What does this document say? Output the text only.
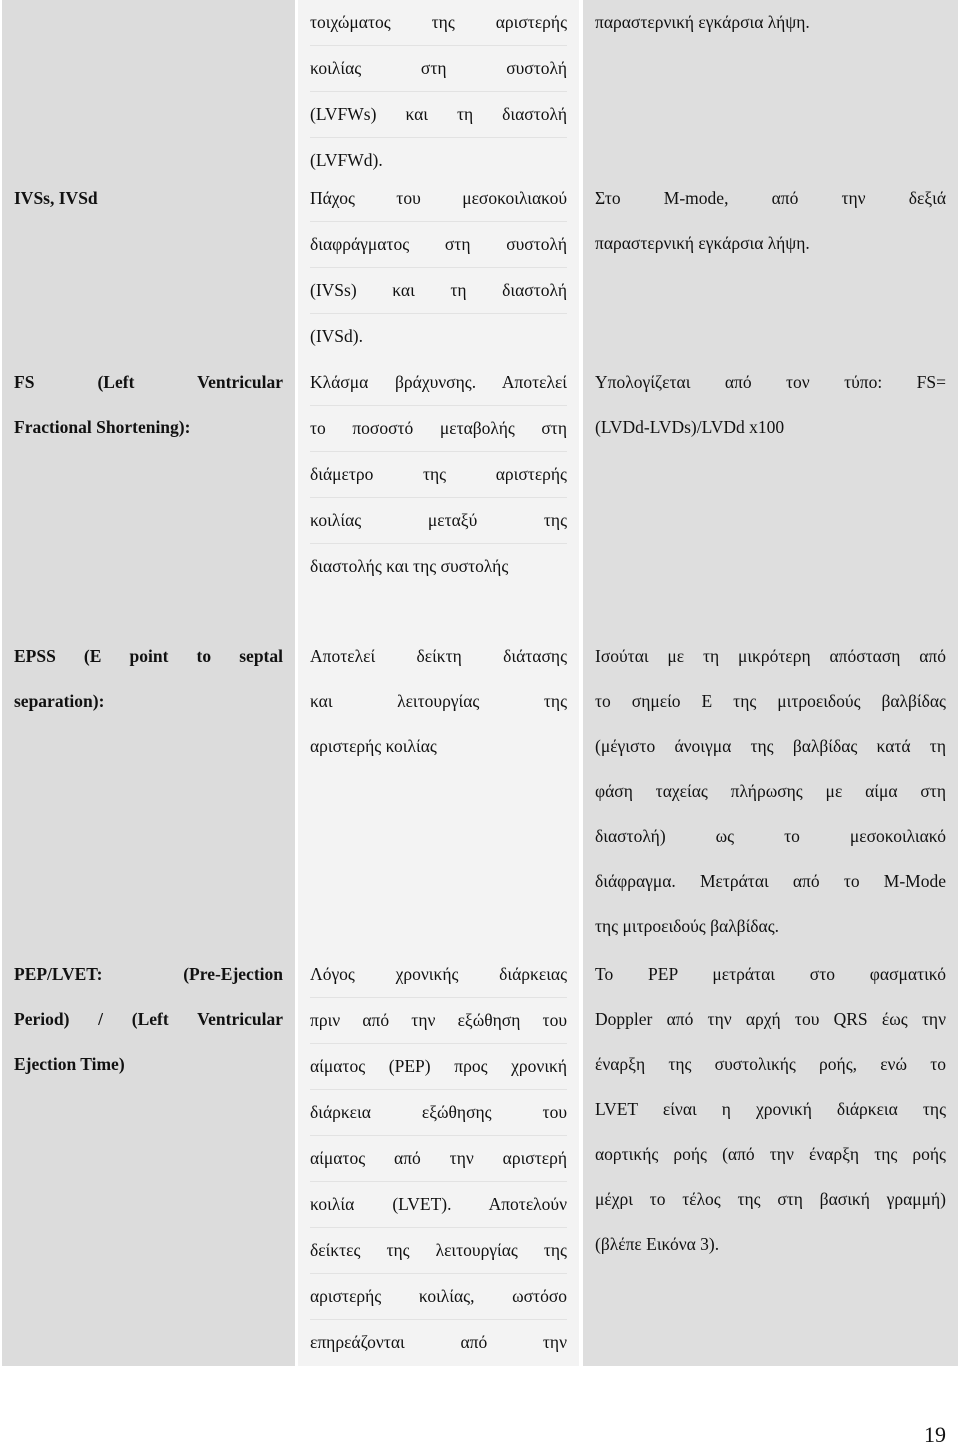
τοιχώματος της αριστερής
κοιλίας στη συστολή
(LVFWs) και τη διαστολή
(LVFWd).
παραστερνική εγκάρσια λήψη.
IVSs, IVSd	Πάχος του μεσοκοιλιακού
διαφράγματος στη συστολή
(IVSs) και τη διαστολή
(IVSd).
Στο M-mode, από την δεξιά
παραστερνική εγκάρσια λήψη.
FS (Left Ventricular
Fractional Shortening):
Κλάσμα βράχυνσης. Αποτελεί
το ποσοστό μεταβολής στη
διάμετρο της αριστερής
κοιλίας μεταξύ της
διαστολής και της συστολής
Υπολογίζεται από τον τύπο: FS=
(LVDd-LVDs)/LVDd x100
EPSS (E point to septal
separation):
Αποτελεί δείκτη διάτασης
και λειτουργίας της
αριστερής κοιλίας
Ισούται με τη μικρότερη απόσταση από
το σημείο Ε της μιτροειδούς βαλβίδας
(μέγιστο άνοιγμα της βαλβίδας κατά τη
φάση ταχείας πλήρωσης με αίμα στη
διαστολή) ως το μεσοκοιλιακό
διάφραγμα. Μετράται από το M-Mode
της μιτροειδούς βαλβίδας.
PEP/LVET: (Pre-Ejection
Period) / (Left Ventricular
Ejection Time)
Λόγος χρονικής διάρκειας
πριν από την εξώθηση του
αίματος (PEP) προς χρονική
διάρκεια εξώθησης του
αίματος από την αριστερή
κοιλία (LVET). Αποτελούν
δείκτες της λειτουργίας της
αριστερής κοιλίας, ωστόσο
επηρεάζονται από την
Το PEP μετράται στο φασματικό
Doppler από την αρχή του QRS έως την
έναρξη της συστολικής ροής, ενώ το
LVET είναι η χρονική διάρκεια της
αορτικής ροής (από την έναρξη της ροής
μέχρι το τέλος της στη βασική γραμμή)
(βλέπε Εικόνα 3).
19
